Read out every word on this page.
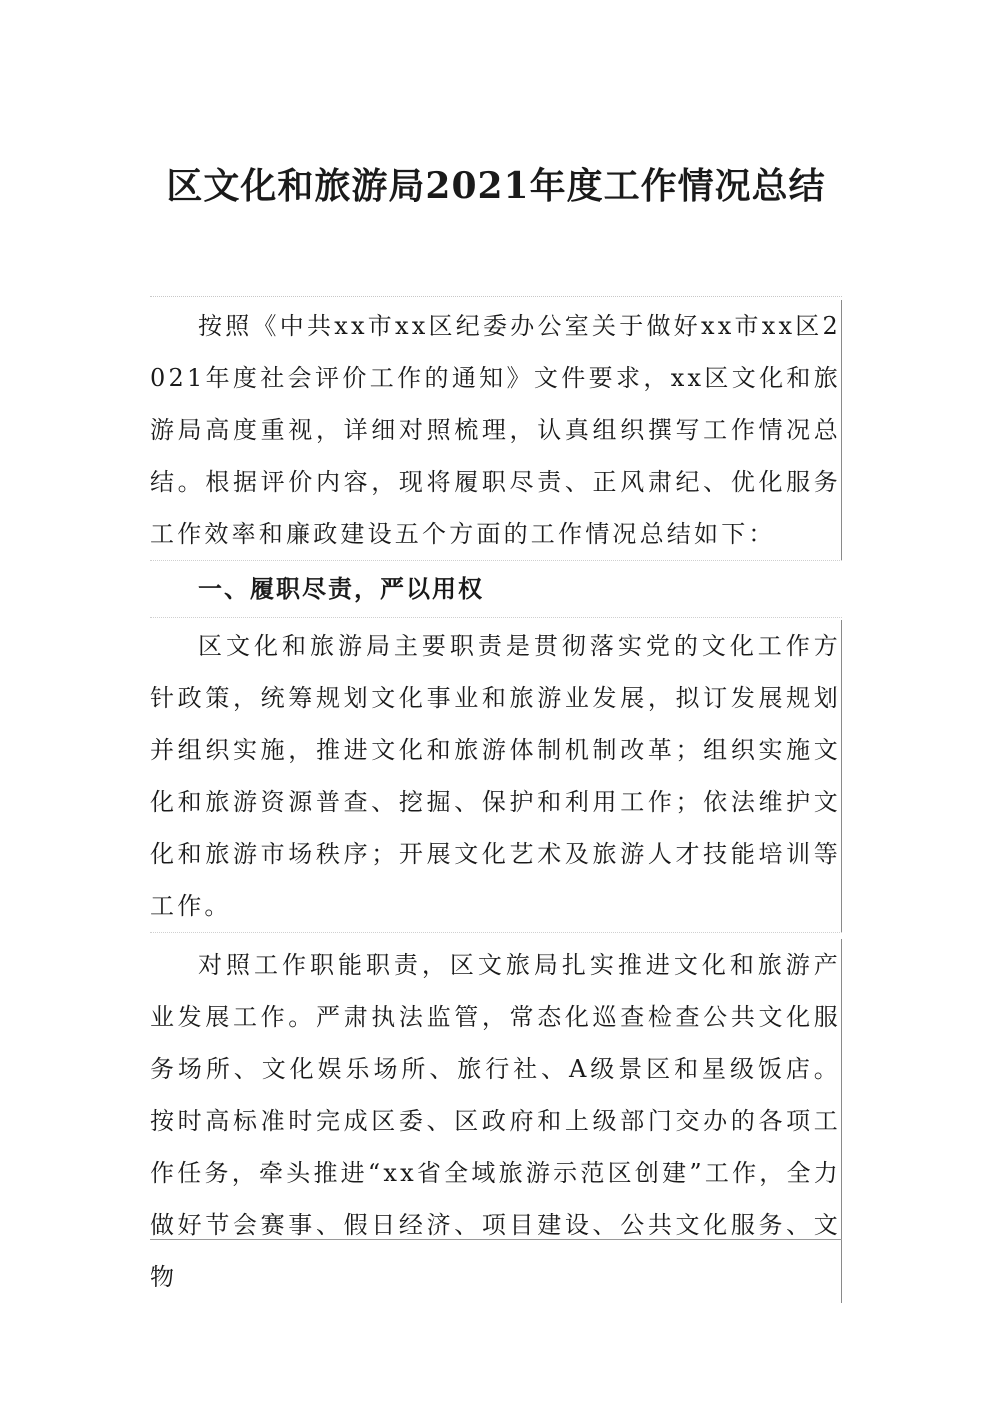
区文化和旅游局2021年度工作情况总结

按照《中共xx市xx区纪委办公室关于做好xx市xx区2021年度社会评价工作的通知》文件要求，xx区文化和旅游局高度重视，详细对照梳理，认真组织撰写工作情况总结。根据评价内容，现将履职尽责、正风肃纪、优化服务工作效率和廉政建设五个方面的工作情况总结如下：

一、履职尽责，严以用权

区文化和旅游局主要职责是贯彻落实党的文化工作方针政策，统筹规划文化事业和旅游业发展，拟订发展规划并组织实施，推进文化和旅游体制机制改革；组织实施文化和旅游资源普查、挖掘、保护和利用工作；依法维护文化和旅游市场秩序；开展文化艺术及旅游人才技能培训等工作。

对照工作职能职责，区文旅局扎实推进文化和旅游产业发展工作。严肃执法监管，常态化巡查检查公共文化服务场所、文化娱乐场所、旅行社、A级景区和星级饭店。按时高标准时完成区委、区政府和上级部门交办的各项工作任务，牵头推进“xx省全域旅游示范区创建”工作，全力做好节会赛事、假日经济、项目建设、公共文化服务、文物
